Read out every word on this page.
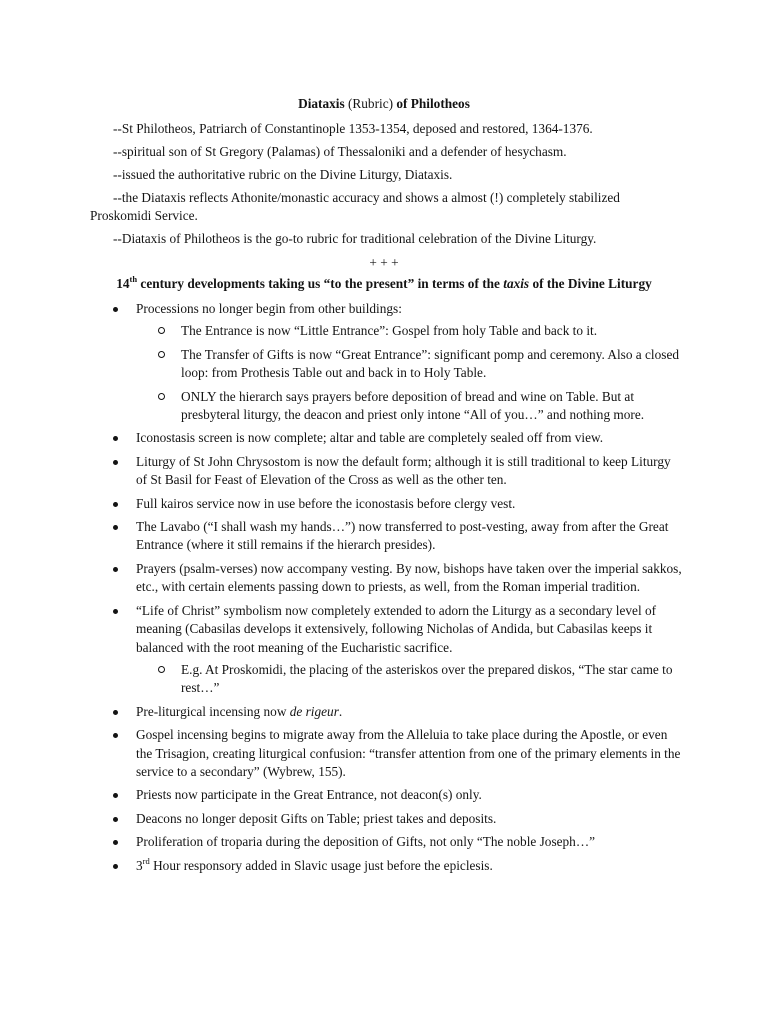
Diataxis (Rubric) of Philotheos

--St Philotheos, Patriarch of Constantinople 1353-1354, deposed and restored, 1364-1376.

--spiritual son of St Gregory (Palamas) of Thessaloniki and a defender of hesychasm.

--issued the authoritative rubric on the Divine Liturgy, Diataxis.

--the Diataxis reflects Athonite/monastic accuracy and shows a almost (!) completely stabilized Proskomidi Service.

--Diataxis of Philotheos is the go-to rubric for traditional celebration of the Divine Liturgy.

+ + +
14th century developments taking us “to the present” in terms of the taxis of the Divine Liturgy
Processions no longer begin from other buildings:
The Entrance is now “Little Entrance”: Gospel from holy Table and back to it.
The Transfer of Gifts is now “Great Entrance”: significant pomp and ceremony. Also a closed loop: from Prothesis Table out and back in to Holy Table.
ONLY the hierarch says prayers before deposition of bread and wine on Table. But at presbyteral liturgy, the deacon and priest only intone “All of you…” and nothing more.
Iconostasis screen is now complete; altar and table are completely sealed off from view.
Liturgy of St John Chrysostom is now the default form; although it is still traditional to keep Liturgy of St Basil for Feast of Elevation of the Cross as well as the other ten.
Full kairos service now in use before the iconostasis before clergy vest.
The Lavabo (“I shall wash my hands…”) now transferred to post-vesting, away from after the Great Entrance (where it still remains if the hierarch presides).
Prayers (psalm-verses) now accompany vesting. By now, bishops have taken over the imperial sakkos, etc., with certain elements passing down to priests, as well, from the Roman imperial tradition.
“Life of Christ” symbolism now completely extended to adorn the Liturgy as a secondary level of meaning (Cabasilas develops it extensively, following Nicholas of Andida, but Cabasilas keeps it balanced with the root meaning of the Eucharistic sacrifice.
E.g. At Proskomidi, the placing of the asteriskos over the prepared diskos, “The star came to rest…”
Pre-liturgical incensing now de rigeur.
Gospel incensing begins to migrate away from the Alleluia to take place during the Apostle, or even the Trisagion, creating liturgical confusion: “transfer attention from one of the primary elements in the service to a secondary” (Wybrew, 155).
Priests now participate in the Great Entrance, not deacon(s) only.
Deacons no longer deposit Gifts on Table; priest takes and deposits.
Proliferation of troparia during the deposition of Gifts, not only “The noble Joseph…”
3rd Hour responsory added in Slavic usage just before the epiclesis.
